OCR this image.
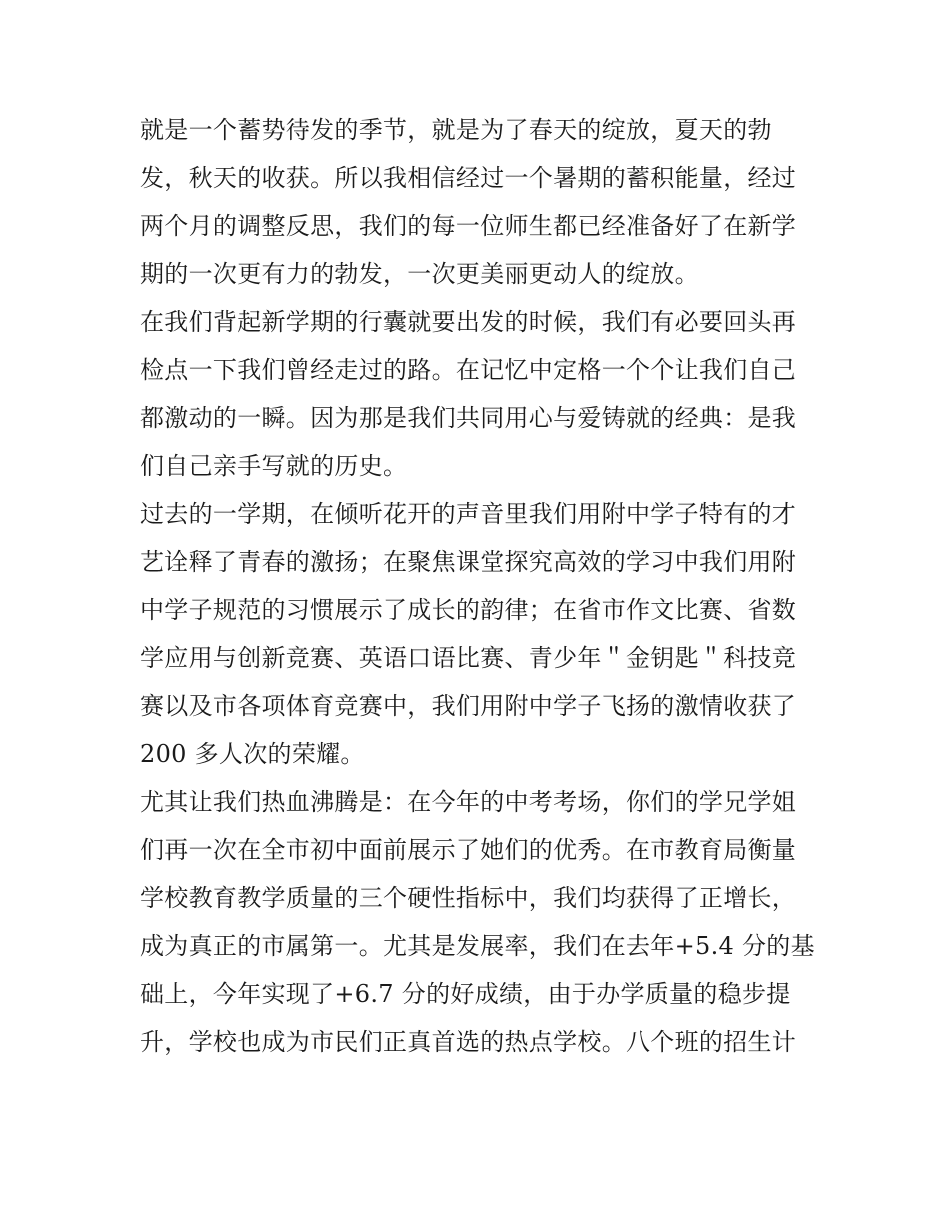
就是一个蓄势待发的季节，就是为了春天的绽放，夏天的勃
发，秋天的收获。所以我相信经过一个暑期的蓄积能量，经过
两个月的调整反思，我们的每一位师生都已经准备好了在新学
期的一次更有力的勃发，一次更美丽更动人的绽放。
在我们背起新学期的行囊就要出发的时候，我们有必要回头再
检点一下我们曾经走过的路。在记忆中定格一个个让我们自己
都激动的一瞬。因为那是我们共同用心与爱铸就的经典：是我
们自己亲手写就的历史。
过去的一学期，在倾听花开的声音里我们用附中学子特有的才
艺诠释了青春的激扬；在聚焦课堂探究高效的学习中我们用附
中学子规范的习惯展示了成长的韵律；在省市作文比赛、省数
学应用与创新竞赛、英语口语比赛、青少年＂金钥匙＂科技竞
赛以及市各项体育竞赛中，我们用附中学子飞扬的激情收获了
200 多人次的荣耀。
尤其让我们热血沸腾是：在今年的中考考场，你们的学兄学姐
们再一次在全市初中面前展示了她们的优秀。在市教育局衡量
学校教育教学质量的三个硬性指标中，我们均获得了正增长，
成为真正的市属第一。尤其是发展率，我们在去年+5.4 分的基
础上，今年实现了+6.7 分的好成绩，由于办学质量的稳步提
升，学校也成为市民们正真首选的热点学校。八个班的招生计
